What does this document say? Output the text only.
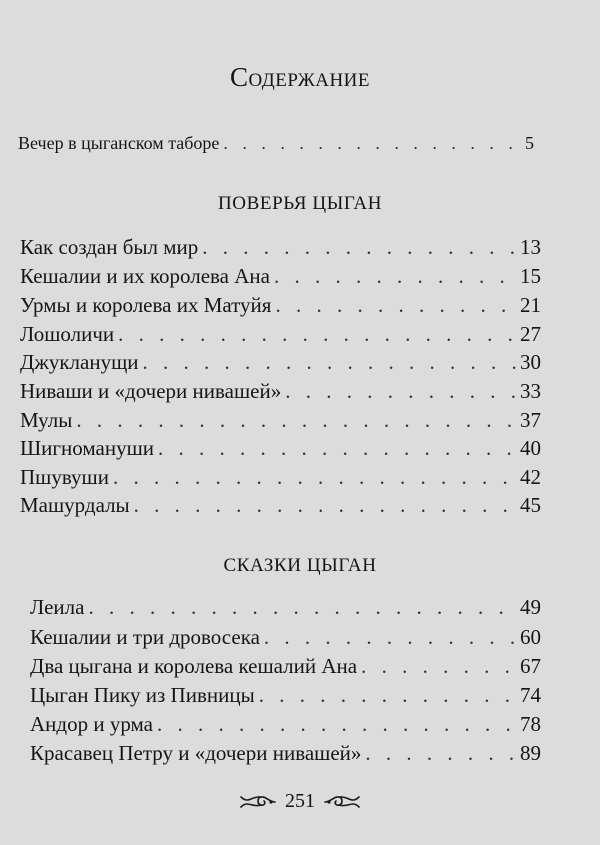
Содержание
Вечер в цыганском таборе . . .	5
ПОВЕРЬЯ ЦЫГАН
Как создан был мир . . .	13
Кешалии и их королева Ана . . .	15
Урмы и королева их Матуйя . . .	21
Лошоличи . . .	27
Джукланущи . . .	30
Ниваши и «дочери нивашей» . . .	33
Мулы . . .	37
Шигномануши . . .	40
Пшувуши . . .	42
Машурдалы . . .	45
СКАЗКИ ЦЫГАН
Леила . . .	49
Кешалии и три дровосека . . .	60
Два цыгана и королева кешалий Ана . . .	67
Цыган Пику из Пивницы . . .	74
Андор и урма . . .	78
Красавец Петру и «дочери нивашей» . . .	89
251
